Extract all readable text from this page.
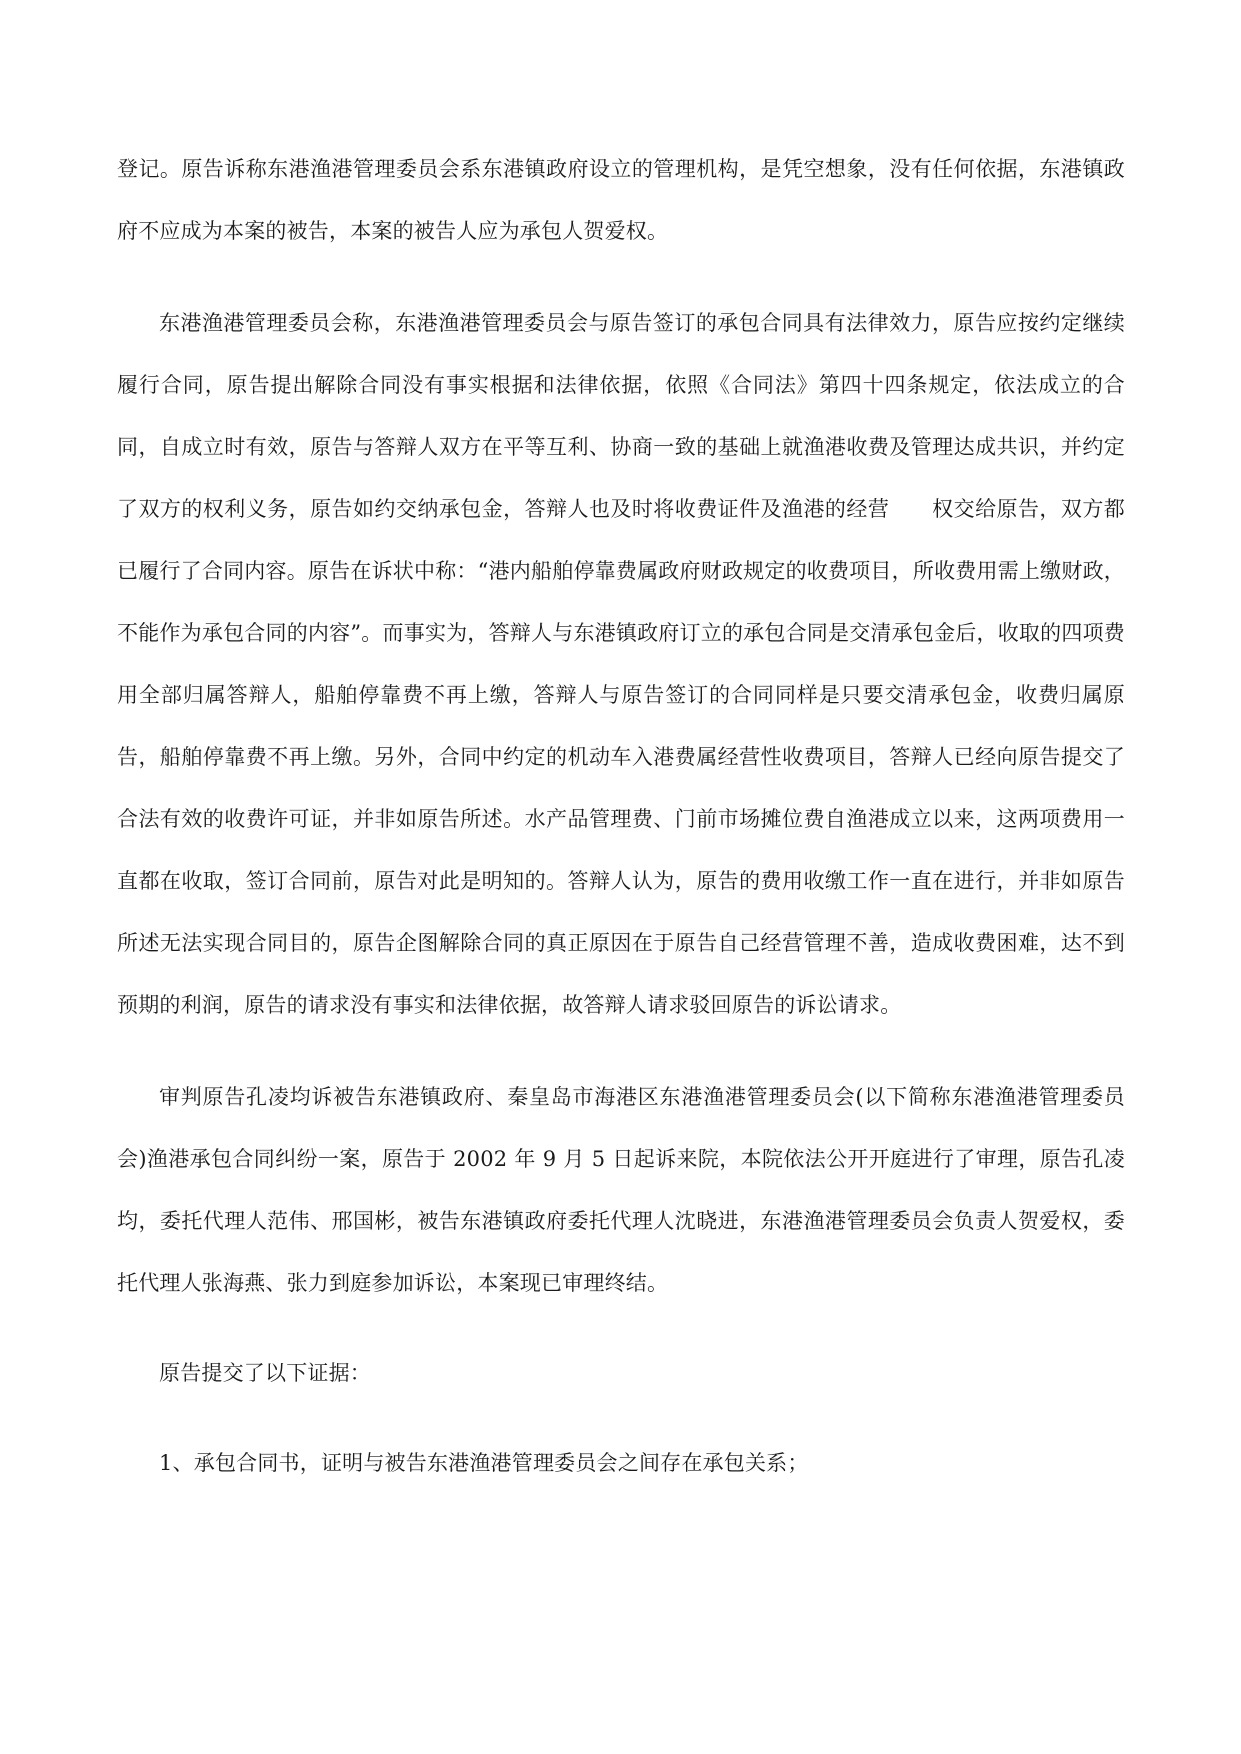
登记。原告诉称东港渔港管理委员会系东港镇政府设立的管理机构，是凭空想象，没有任何依据，东港镇政府不应成为本案的被告，本案的被告人应为承包人贺爱权。

东港渔港管理委员会称，东港渔港管理委员会与原告签订的承包合同具有法律效力，原告应按约定继续履行合同，原告提出解除合同没有事实根据和法律依据，依照《合同法》第四十四条规定，依法成立的合同，自成立时有效，原告与答辩人双方在平等互利、协商一致的基础上就渔港收费及管理达成共识，并约定了双方的权利义务，原告如约交纳承包金，答辩人也及时将收费证件及渔港的经营　　权交给原告，双方都已履行了合同内容。原告在诉状中称：“港内船舶停靠费属政府财政规定的收费项目，所收费用需上缴财政，不能作为承包合同的内容”。而事实为，答辩人与东港镇政府订立的承包合同是交清承包金后，收取的四项费用全部归属答辩人，船舶停靠费不再上缴，答辩人与原告签订的合同同样是只要交清承包金，收费归属原告，船舶停靠费不再上缴。另外，合同中约定的机动车入港费属经营性收费项目，答辩人已经向原告提交了合法有效的收费许可证，并非如原告所述。水产品管理费、门前市场摊位费自渔港成立以来，这两项费用一直都在收取，签订合同前，原告对此是明知的。答辩人认为，原告的费用收缴工作一直在进行，并非如原告所述无法实现合同目的，原告企图解除合同的真正原因在于原告自己经营管理不善，造成收费困难，达不到预期的利润，原告的请求没有事实和法律依据，故答辩人请求驳回原告的诉讼请求。

审判原告孔凌均诉被告东港镇政府、秦皇岛市海港区东港渔港管理委员会(以下简称东港渔港管理委员会)渔港承包合同纠纷一案，原告于 2002 年 9 月 5 日起诉来院，本院依法公开开庭进行了审理，原告孔凌均，委托代理人范伟、邢国彬，被告东港镇政府委托代理人沈晓进，东港渔港管理委员会负责人贺爱权，委托代理人张海燕、张力到庭参加诉讼，本案现已审理终结。

原告提交了以下证据：

1、承包合同书，证明与被告东港渔港管理委员会之间存在承包关系；
